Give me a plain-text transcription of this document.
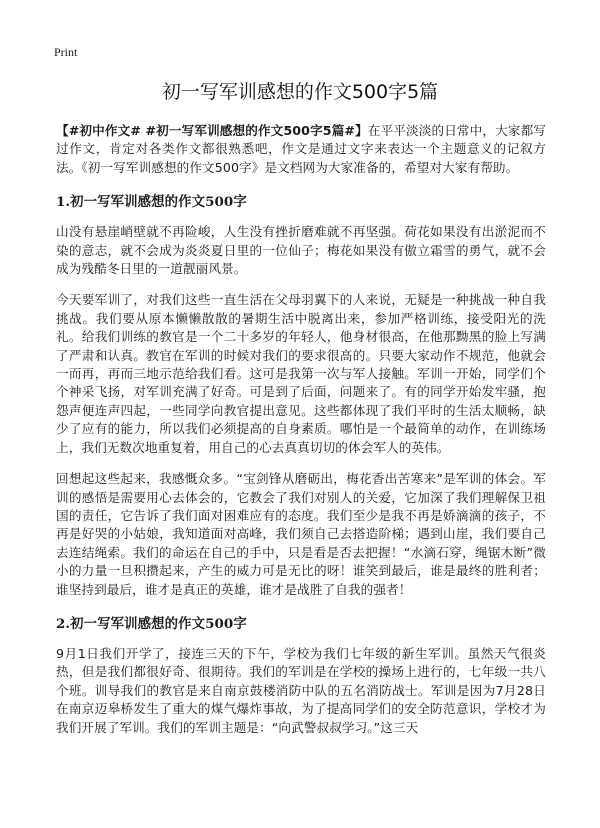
Print
初一写军训感想的作文500字5篇

【#初中作文# #初一写军训感想的作文500字5篇#】在平平淡淡的日常中，大家都写过作文，肯定对各类作文都很熟悉吧，作文是通过文字来表达一个主题意义的记叙方法。《初一写军训感想的作文500字》是文档网为大家准备的，希望对大家有帮助。

1.初一写军训感想的作文500字

山没有悬崖峭壁就不再险峻，人生没有挫折磨难就不再坚强。荷花如果没有出淤泥而不染的意志，就不会成为炎炎夏日里的一位仙子；梅花如果没有傲立霜雪的勇气，就不会成为残酷冬日里的一道靓丽风景。

今天要军训了，对我们这些一直生活在父母羽翼下的人来说，无疑是一种挑战一种自我挑战。我们要从原本懒懒散散的暑期生活中脱离出来，参加严格训练，接受阳光的洗礼。给我们训练的教官是一个二十多岁的年轻人，他身材很高，在他那黝黑的脸上写满了严肃和认真。教官在军训的时候对我们的要求很高的。只要大家动作不规范，他就会一而再，再而三地示范给我们看。这可是我第一次与军人接触。军训一开始，同学们个个神采飞扬，对军训充满了好奇。可是到了后面，问题来了。有的同学开始发牢骚，抱怨声便连声四起，一些同学向教官提出意见。这些都体现了我们平时的生活太顺畅，缺少了应有的能力，所以我们必须提高的自身素质。哪怕是一个最简单的动作，在训练场上，我们无数次地重复着，用自己的心去真真切切的体会军人的英伟。

回想起这些起来，我感慨众多。“宝剑锋从磨砺出，梅花香出苦寒来”是军训的体会。军训的感悟是需要用心去体会的，它教会了我们对别人的关爱，它加深了我们理解保卫祖国的责任，它告诉了我们面对困难应有的态度。我们至少是我不再是娇滴滴的孩子，不再是好哭的小姑娘，我知道面对高峰，我们须自己去搭造阶梯；遇到山崖，我们要自己去连结绳索。我们的命运在自己的手中，只是看是否去把握！“水滴石穿，绳锯木断”微小的力量一旦积攒起来，产生的威力可是无比的呀！谁笑到最后，谁是最终的胜利者；谁坚持到最后，谁才是真正的英雄，谁才是战胜了自我的强者！

2.初一写军训感想的作文500字

9月1日我们开学了，接连三天的下午，学校为我们七年级的新生军训。虽然天气很炎热，但是我们都很好奇、很期待。我们的军训是在学校的操场上进行的，七年级一共八个班。训导我们的教官是来自南京鼓楼消防中队的五名消防战士。军训是因为7月28日在南京迈皋桥发生了重大的煤气爆炸事故，为了提高同学们的安全防范意识，学校才为我们开展了军训。我们的军训主题是：“向武警叔叔学习。”这三天
